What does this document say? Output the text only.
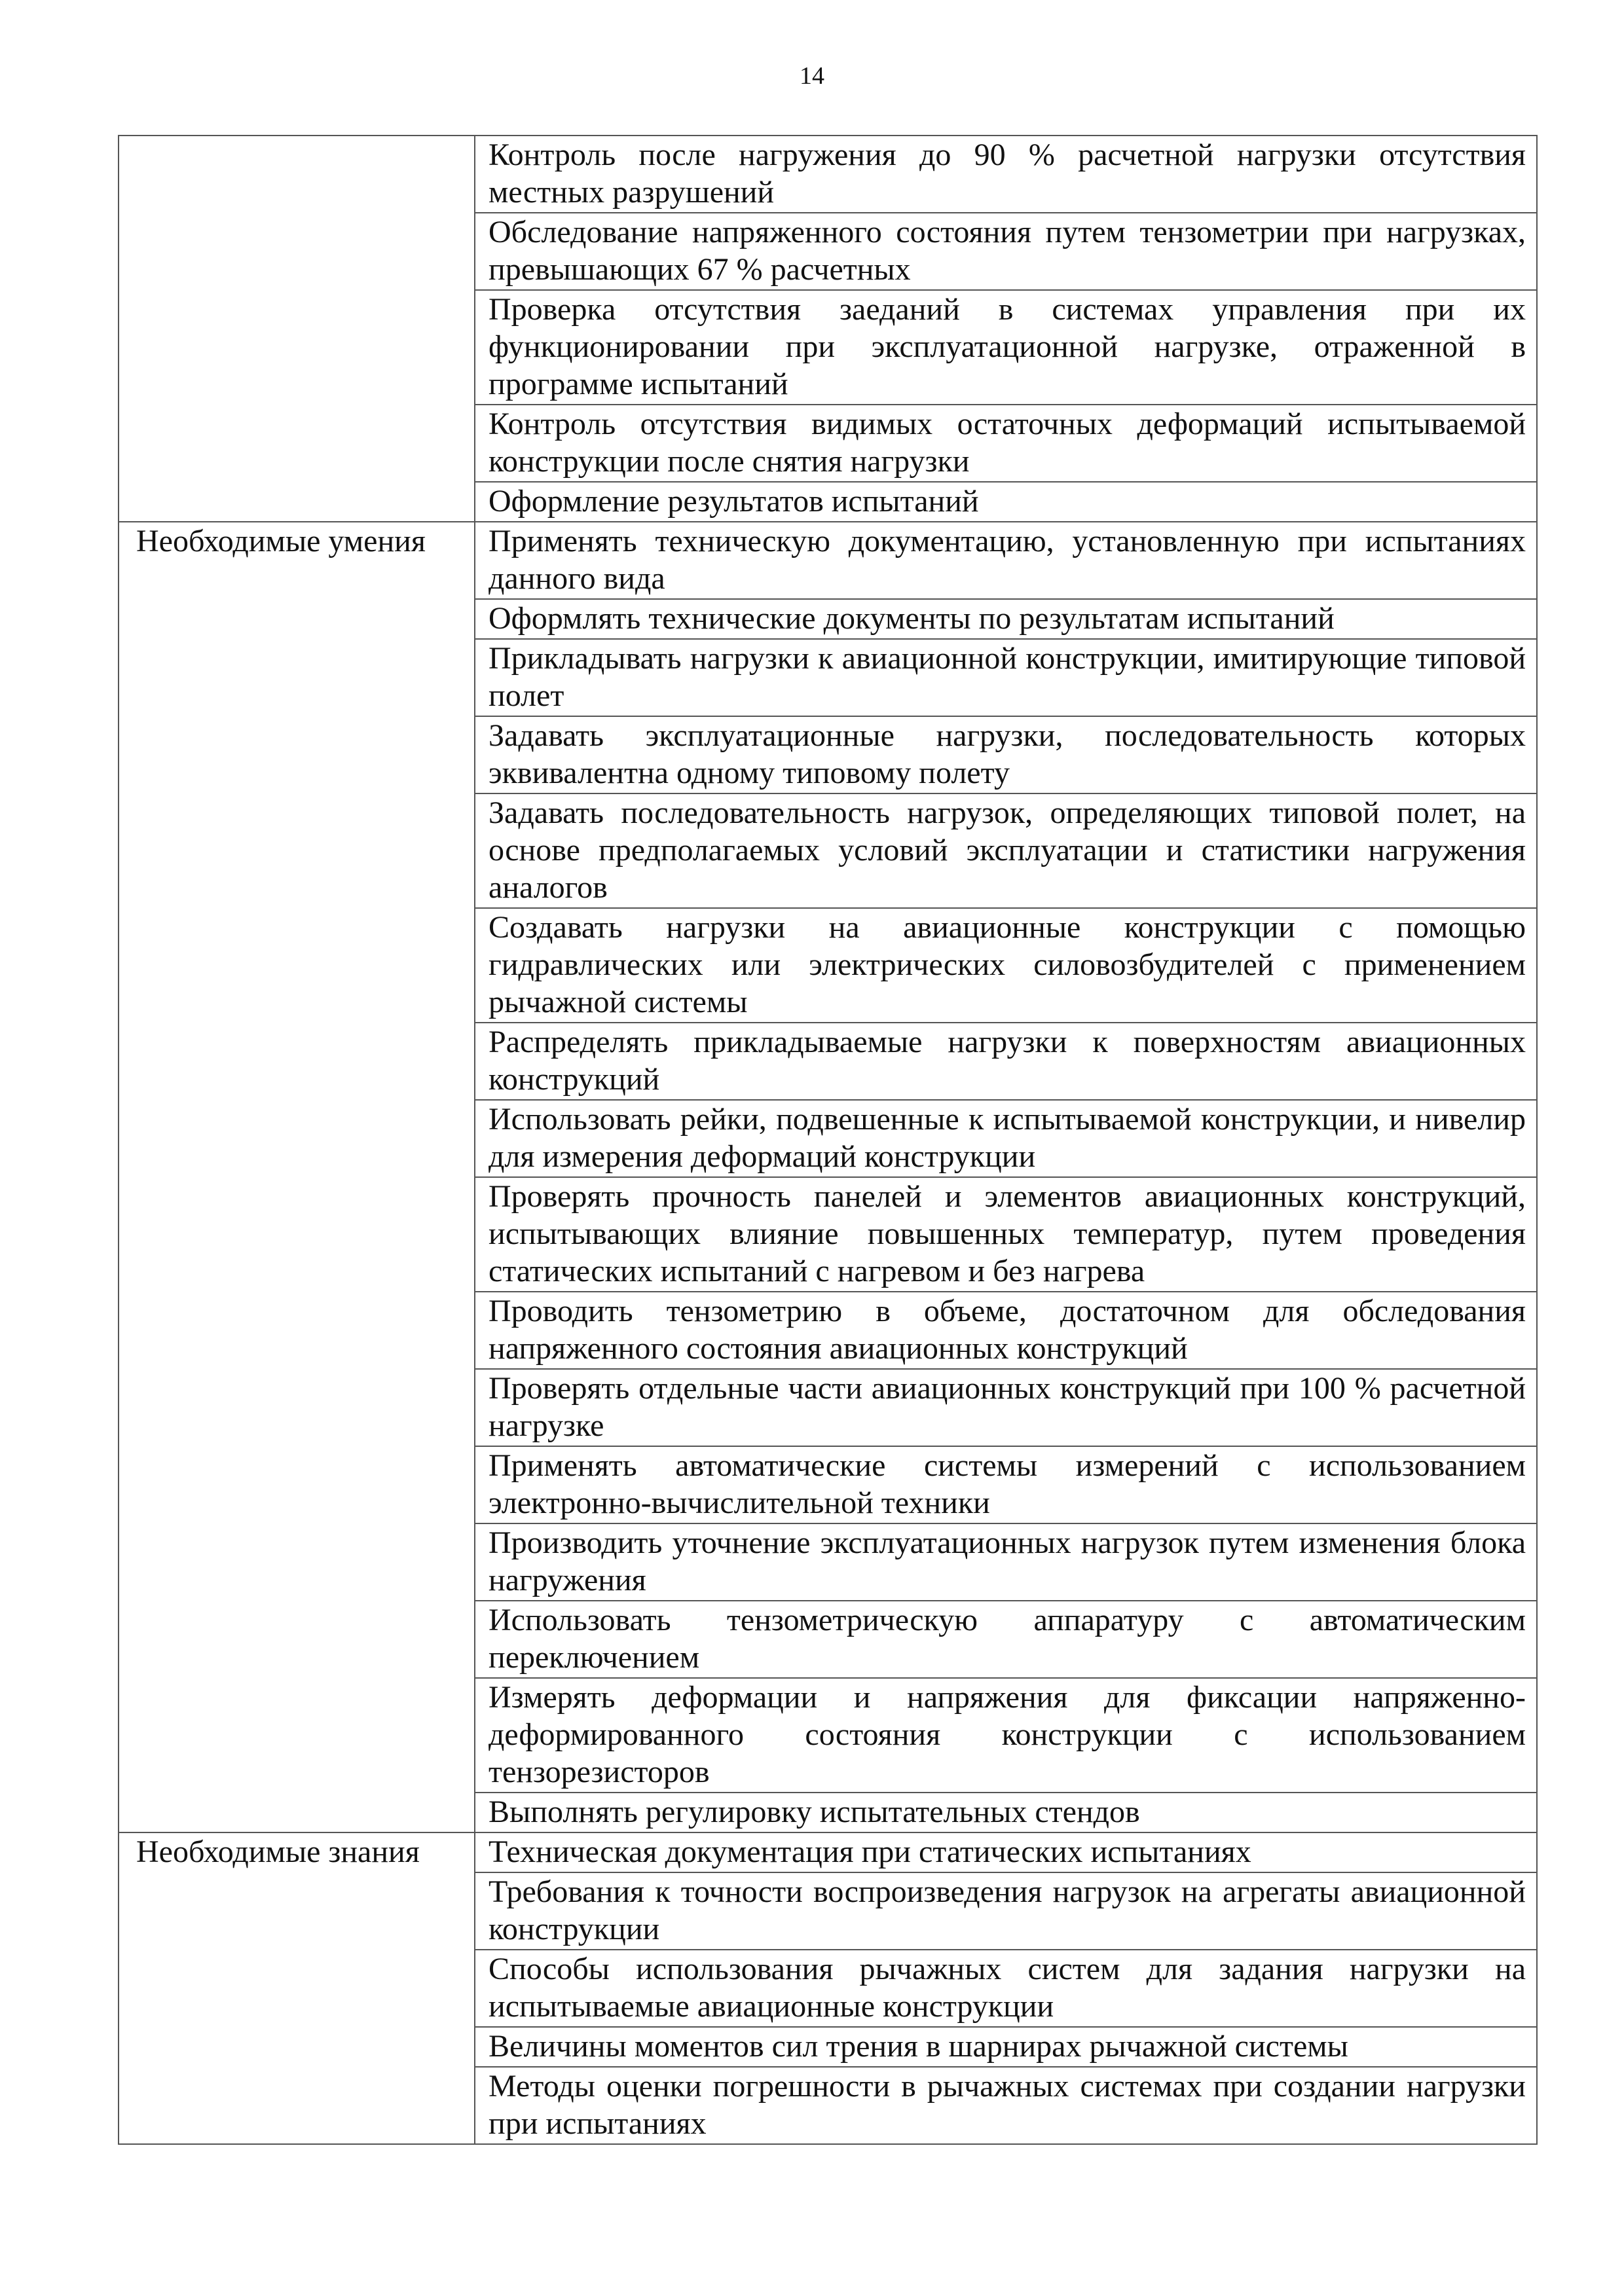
14
	Контроль после нагружения до 90 % расчетной нагрузки отсутствия местных разрушений
	Обследование напряженного состояния путем тензометрии при нагрузках, превышающих 67 % расчетных
	Проверка отсутствия заеданий в системах управления при их функционировании при эксплуатационной нагрузке, отраженной в программе испытаний
	Контроль отсутствия видимых остаточных деформаций испытываемой конструкции после снятия нагрузки
	Оформление результатов испытаний
Необходимые умения	Применять техническую документацию, установленную при испытаниях данного вида
	Оформлять технические документы по результатам испытаний
	Прикладывать нагрузки к авиационной конструкции, имитирующие типовой полет
	Задавать эксплуатационные нагрузки, последовательность которых эквивалентна одному типовому полету
	Задавать последовательность нагрузок, определяющих типовой полет, на основе предполагаемых условий эксплуатации и статистики нагружения аналогов
	Создавать нагрузки на авиационные конструкции с помощью гидравлических или электрических силовозбудителей с применением рычажной системы
	Распределять прикладываемые нагрузки к поверхностям авиационных конструкций
	Использовать рейки, подвешенные к испытываемой конструкции, и нивелир для измерения деформаций конструкции
	Проверять прочность панелей и элементов авиационных конструкций, испытывающих влияние повышенных температур, путем проведения статических испытаний с нагревом и без нагрева
	Проводить тензометрию в объеме, достаточном для обследования напряженного состояния авиационных конструкций
	Проверять отдельные части авиационных конструкций при 100 % расчетной нагрузке
	Применять автоматические системы измерений с использованием электронно-вычислительной техники
	Производить уточнение эксплуатационных нагрузок путем изменения блока нагружения
	Использовать тензометрическую аппаратуру с автоматическим переключением
	Измерять деформации и напряжения для фиксации напряженно-деформированного состояния конструкции с использованием тензорезисторов
	Выполнять регулировку испытательных стендов
Необходимые знания	Техническая документация при статических испытаниях
	Требования к точности воспроизведения нагрузок на агрегаты авиационной конструкции
	Способы использования рычажных систем для задания нагрузки на испытываемые авиационные конструкции
	Величины моментов сил трения в шарнирах рычажной системы
	Методы оценки погрешности в рычажных системах при создании нагрузки при испытаниях
